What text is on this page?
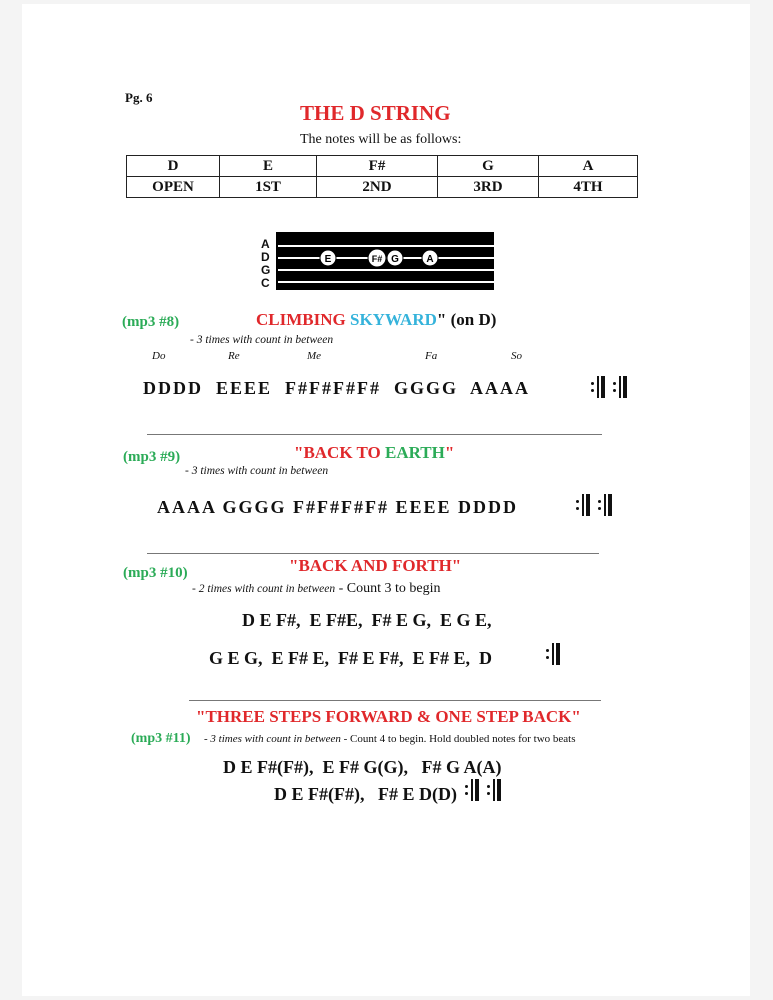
Pg. 6
THE D STRING
The notes will be as follows:
D	E	F#	G	A
OPEN	1ST	2ND	3RD	4TH
A
D
G
C
E	F# G	A
(mp3 #8)	CLIMBING SKYWARD" (on D)
- 3 times with count in between
Do	Re	Me	Fa	So
DDDD  EEEE  F#F#F#F#  GGGG  AAAA

(mp3 #9)	"BACK TO EARTH"
- 3 times with count in between
AAAA GGGG F#F#F#F# EEEE DDDD

(mp3 #10)	"BACK AND FORTH"
- 2 times with count in between - Count 3 to begin
D E F#,  E F#E,  F# E G,  E G E,
G E G,  E F# E,  F# E F#,  E F# E,  D
"THREE STEPS FORWARD & ONE STEP BACK"
(mp3 #11) - 3 times with count in between - Count 4 to begin. Hold doubled notes for two beats
D E F#(F#),  E F# G(G),   F# G A(A)
D E F#(F#),   F# E D(D)
